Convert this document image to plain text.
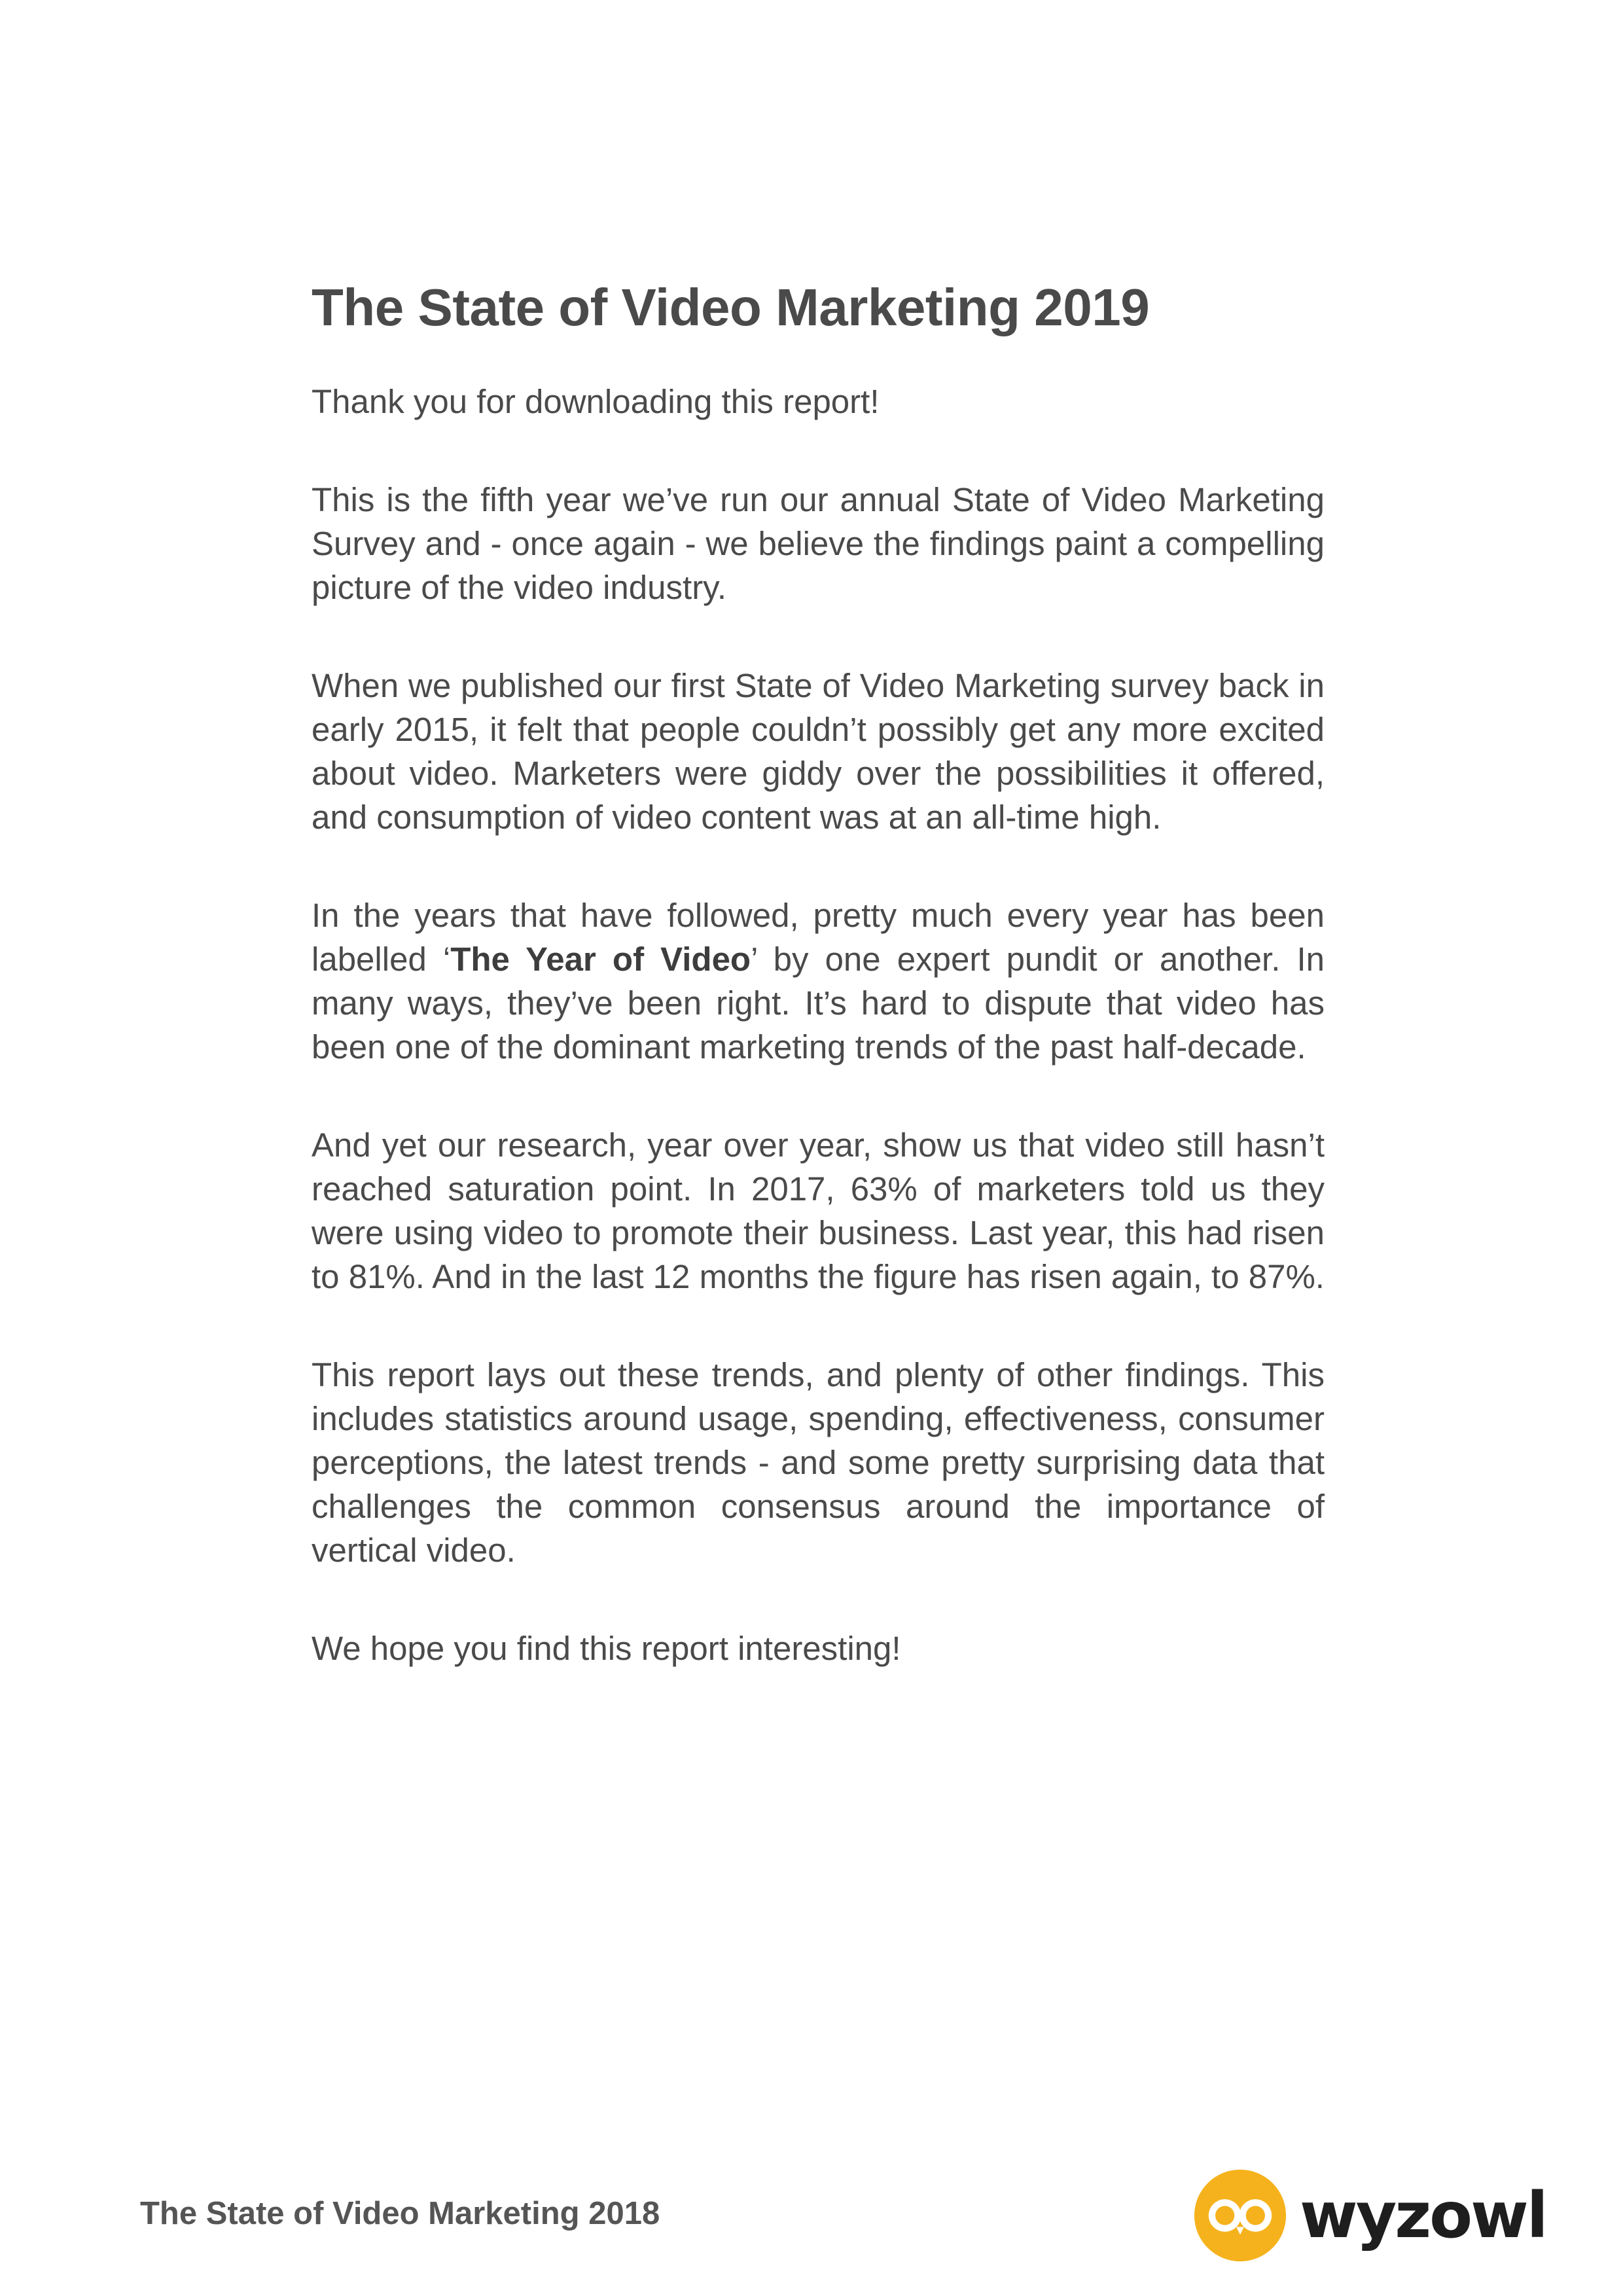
The State of Video Marketing 2019

Thank you for downloading this report!

This is the fifth year we’ve run our annual State of Video Marketing Survey and - once again - we believe the findings paint a compelling picture of the video industry.

When we published our first State of Video Marketing survey back in early 2015, it felt that people couldn’t possibly get any more excited about video. Marketers were giddy over the possibilities it offered, and consumption of video content was at an all-time high.

In the years that have followed, pretty much every year has been labelled ‘The Year of Video’ by one expert pundit or another. In many ways, they’ve been right. It’s hard to dispute that video has been one of the dominant marketing trends of the past half-decade.

And yet our research, year over year, show us that video still hasn’t reached saturation point. In 2017, 63% of marketers told us they were using video to promote their business. Last year, this had risen to 81%. And in the last 12 months the figure has risen again, to 87%.

This report lays out these trends, and plenty of other findings. This includes statistics around usage, spending, effectiveness, consumer perceptions, the latest trends - and some pretty surprising data that challenges the common consensus around the importance of vertical video.

We hope you find this report interesting!

The State of Video Marketing 2018	wyzowl
